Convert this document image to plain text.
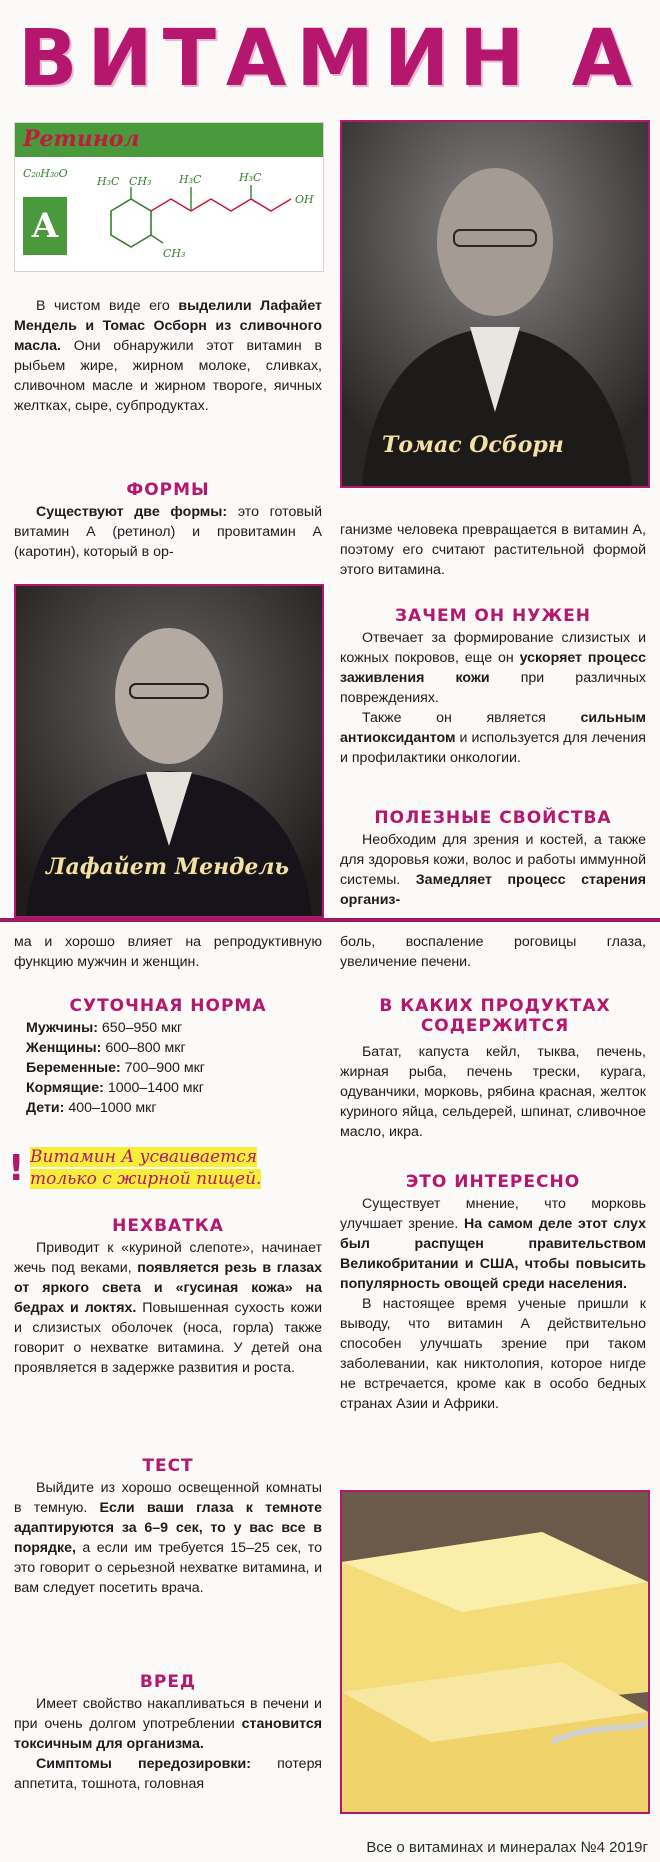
ВИТАМИН А
Ретинол
C₂₀H₃₀O
A
H₃C CH₃	H₃C	H₃C
CH₃
OH

В чистом виде его выделили Лафайет Мендель и Томас Осборн из сливочного масла. Они обнаружили этот витамин в рыбьем жире, жирном молоке, сливках, сливочном масле и жирном твороге, яичных желтках, сыре, субпродуктах.

Томас Осборн
ФОРМЫ

Существуют две формы: это готовый витамин А (ретинол) и провитамин А (каротин), который в ор-

ганизме человека превращается в витамин А, поэтому его считают растительной формой этого витамина.

Лафайет Мендель
ЗАЧЕМ ОН НУЖЕН

Отвечает за формирование слизистых и кожных покровов, еще он ускоряет процесс заживления кожи при различных повреждениях.

Также он является сильным антиоксидантом и используется для лечения и профилактики онкологии.

ПОЛЕЗНЫЕ СВОЙСТВА

Необходим для зрения и костей, а также для здоровья кожи, волос и работы иммунной системы. Замедляет процесс старения организ-

ма и хорошо влияет на репродуктивную функцию мужчин и женщин.

боль, воспаление роговицы глаза, увеличение печени.

СУТОЧНАЯ НОРМА
Мужчины: 650–950 мкг
Женщины: 600–800 мкг
Беременные: 700–900 мкг
Кормящие: 1000–1400 мкг
Дети: 400–1000 мкг
В КАКИХ ПРОДУКТАХ СОДЕРЖИТСЯ

Батат, капуста кейл, тыква, печень, жирная рыба, печень трески, курага, одуванчики, морковь, рябина красная, желток куриного яйца, сельдерей, шпинат, сливочное масло, икра.

! Витамин А усваивается только с жирной пищей.
НЕХВАТКА

Приводит к «куриной слепоте», начинает жечь под веками, появляется резь в глазах от яркого света и «гусиная кожа» на бедрах и локтях. Повышенная сухость кожи и слизистых оболочек (носа, горла) также говорит о нехватке витамина. У детей она проявляется в задержке развития и роста.

ЭТО ИНТЕРЕСНО

Существует мнение, что морковь улучшает зрение. На самом деле этот слух был распущен правительством Великобритании и США, чтобы повысить популярность овощей среди населения.

В настоящее время ученые пришли к выводу, что витамин А действительно способен улучшать зрение при таком заболевании, как никтолопия, которое нигде не встречается, кроме как в особо бедных странах Азии и Африки.

ТЕСТ

Выйдите из хорошо освещенной комнаты в темную. Если ваши глаза к темноте адаптируются за 6–9 сек, то у вас все в порядке, а если им требуется 15–25 сек, то это говорит о серьезной нехватке витамина, и вам следует посетить врача.

ВРЕД

Имеет свойство накапливаться в печени и при очень долгом употреблении становится токсичным для организма.

Симптомы передозировки: потеря аппетита, тошнота, головная

Все о витаминах и минералах №4 2019г
